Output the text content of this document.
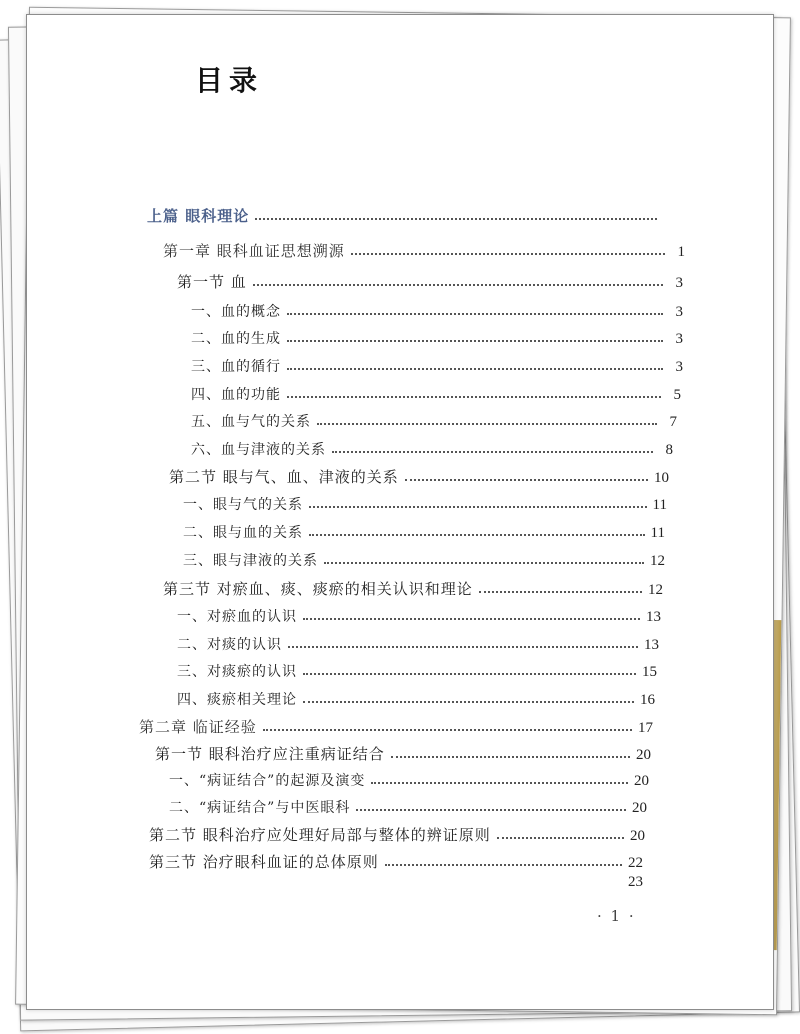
目录
上篇 眼科理论
第一章 眼科血证思想溯源	1
第一节 血	3
一、血的概念	3
二、血的生成	3
三、血的循行	3
四、血的功能	5
五、血与气的关系	7
六、血与津液的关系	8
第二节 眼与气、血、津液的关系	10
一、眼与气的关系	11
二、眼与血的关系	11
三、眼与津液的关系	12
第三节 对瘀血、痰、痰瘀的相关认识和理论	12
一、对瘀血的认识	13
二、对痰的认识	13
三、对痰瘀的认识	15
四、痰瘀相关理论	16
第二章 临证经验	17
第一节 眼科治疗应注重病证结合	20
一、“病证结合”的起源及演变	20
二、“病证结合”与中医眼科	20
第二节 眼科治疗应处理好局部与整体的辨证原则	20
第三节 治疗眼科血证的总体原则	22
23
· 1 ·
